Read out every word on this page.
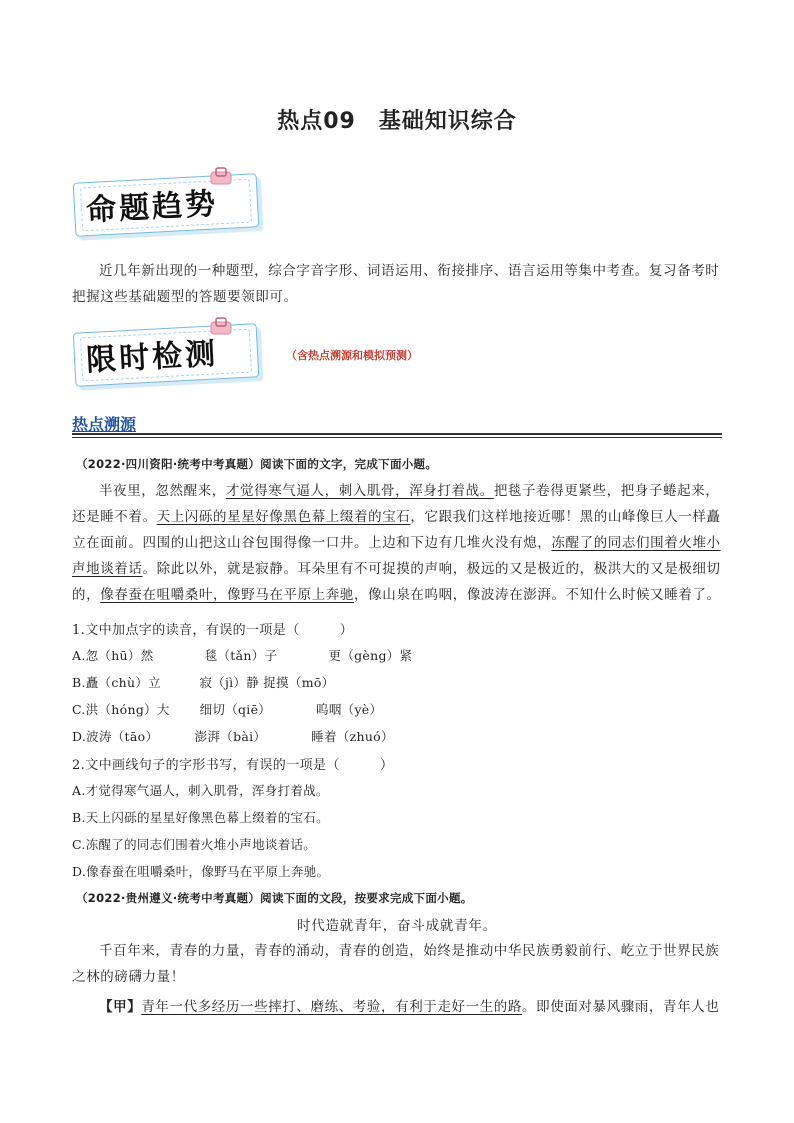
热点09　基础知识综合
命题趋势

近几年新出现的一种题型，综合字音字形、词语运用、衔接排序、语言运用等集中考查。复习备考时把握这些基础题型的答题要领即可。

限时检测	（含热点溯源和模拟预测）
热点溯源
（2022·四川资阳·统考中考真题）阅读下面的文字，完成下面小题。

半夜里，忽然醒来，才觉得寒气逼人，刺入肌骨，浑身打着战。把毯子卷得更紧些，把身子蜷起来，还是睡不着。天上闪砾的星星好像黑色幕上缀着的宝石，它跟我们这样地接近哪！黑的山峰像巨人一样矗立在面前。四围的山把这山谷包围得像一口井。上边和下边有几堆火没有熄，冻醒了的同志们围着火堆小声地谈着话。除此以外，就是寂静。耳朵里有不可捉摸的声响，极远的又是极近的，极洪大的又是极细切的，像春蚕在咀嚼桑叶，像野马在平原上奔驰，像山泉在呜咽，像波涛在澎湃。不知什么时候又睡着了。

1.文中加点字的读音，有误的一项是（　　　）
A.忽（hū）然　　　　毯（tǎn）子　　　　更（gèng）紧
B.矗（chù）立　　　寂（jì）静 捉摸（mō）
C.洪（hóng）大　　 细切（qiē）　　　　呜咽（yè）
D.波涛（tāo）　　　 澎湃（bài）　　　　睡着（zhuó）
2.文中画线句子的字形书写，有误的一项是（　　　）
A.才觉得寒气逼人，刺入肌骨，浑身打着战。
B.天上闪砾的星星好像黑色幕上缀着的宝石。
C.冻醒了的同志们围着火堆小声地谈着话。
D.像春蚕在咀嚼桑叶，像野马在平原上奔驰。
（2022·贵州遵义·统考中考真题）阅读下面的文段，按要求完成下面小题。
时代造就青年，奋斗成就青年。

千百年来，青春的力量，青春的涌动，青春的创造，始终是推动中华民族勇毅前行、屹立于世界民族之林的磅礴力量！

【甲】青年一代多经历一些摔打、磨练、考验，有利于走好一生的路。即使面对暴风骤雨，青年人也
